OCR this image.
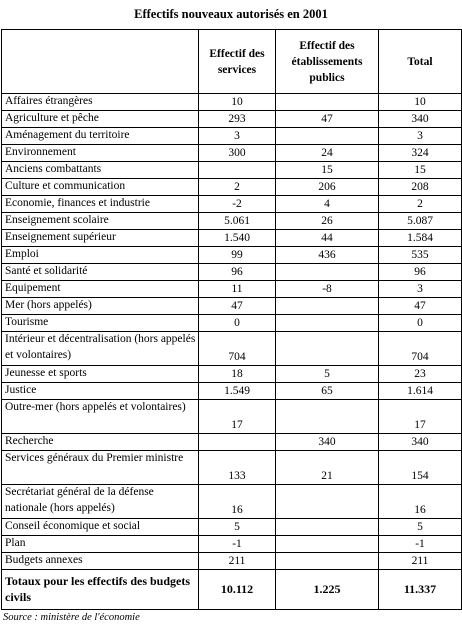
Effectifs nouveaux autorisés en 2001
	Effectif des services	Effectif des établissements publics	Total
Affaires étrangères	10		10
Agriculture et pêche	293	47	340
Aménagement du territoire	3		3
Environnement	300	24	324
Anciens combattants		15	15
Culture et communication	2	206	208
Economie, finances et industrie	-2	4	2
Enseignement scolaire	5.061	26	5.087
Enseignement supérieur	1.540	44	1.584
Emploi	99	436	535
Santé et solidarité	96		96
Equipement	11	-8	3
Mer (hors appelés)	47		47
Tourisme	0		0
Intérieur et décentralisation (hors appelés et volontaires)	704		704
Jeunesse et sports	18	5	23
Justice	1.549	65	1.614
Outre-mer (hors appelés et volontaires)	17		17
Recherche		340	340
Services généraux du Premier ministre	133	21	154
Secrétariat général de la défense nationale (hors appelés)	16		16
Conseil économique et social	5		5
Plan	-1		-1
Budgets annexes	211		211
Totaux pour les effectifs des budgets civils	10.112	1.225	11.337
Source : ministère de l'économie
